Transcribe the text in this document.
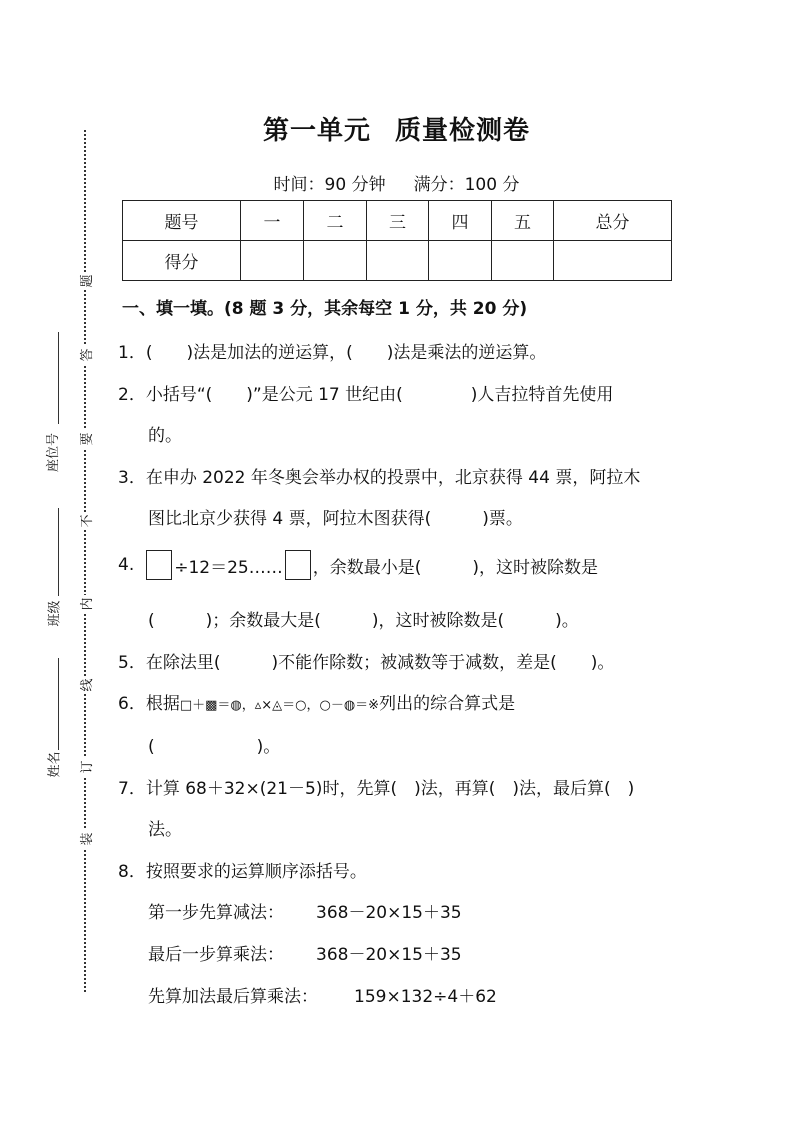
题
答
要
不
内
线
订
装
座位号
班级
姓名
第一单元 质量检测卷
时间：90 分钟 满分：100 分
题号	一	二	三	四	五	总分
得分						
一、填一填。(8 题 3 分，其余每空 1 分，共 20 分)
1．(　　)法是加法的逆运算，(　　)法是乘法的逆运算。
2．小括号“(　　)”是公元 17 世纪由(　　　　)人吉拉特首先使用
的。
3．在申办 2022 年冬奥会举办权的投票中，北京获得 44 票，阿拉木
图比北京少获得 4 票，阿拉木图获得(　　　)票。
4. ÷12＝25…… ，余数最小是(　　　)，这时被除数是
(　　　)；余数最大是(　　　)，这时被除数是(　　　)。
5．在除法里(　　　)不能作除数；被减数等于减数，差是(　　)。
6．根据□＋▩＝◍，▵×◬＝○，○－◍＝※列出的综合算式是
(　　　　　　)。
7．计算 68＋32×(21－5)时，先算(　)法，再算(　)法，最后算(　)
法。
8．按照要求的运算顺序添括号。
第一步先算减法： 368－20×15＋35
最后一步算乘法： 368－20×15＋35
先算加法最后算乘法： 159×132÷4＋62
